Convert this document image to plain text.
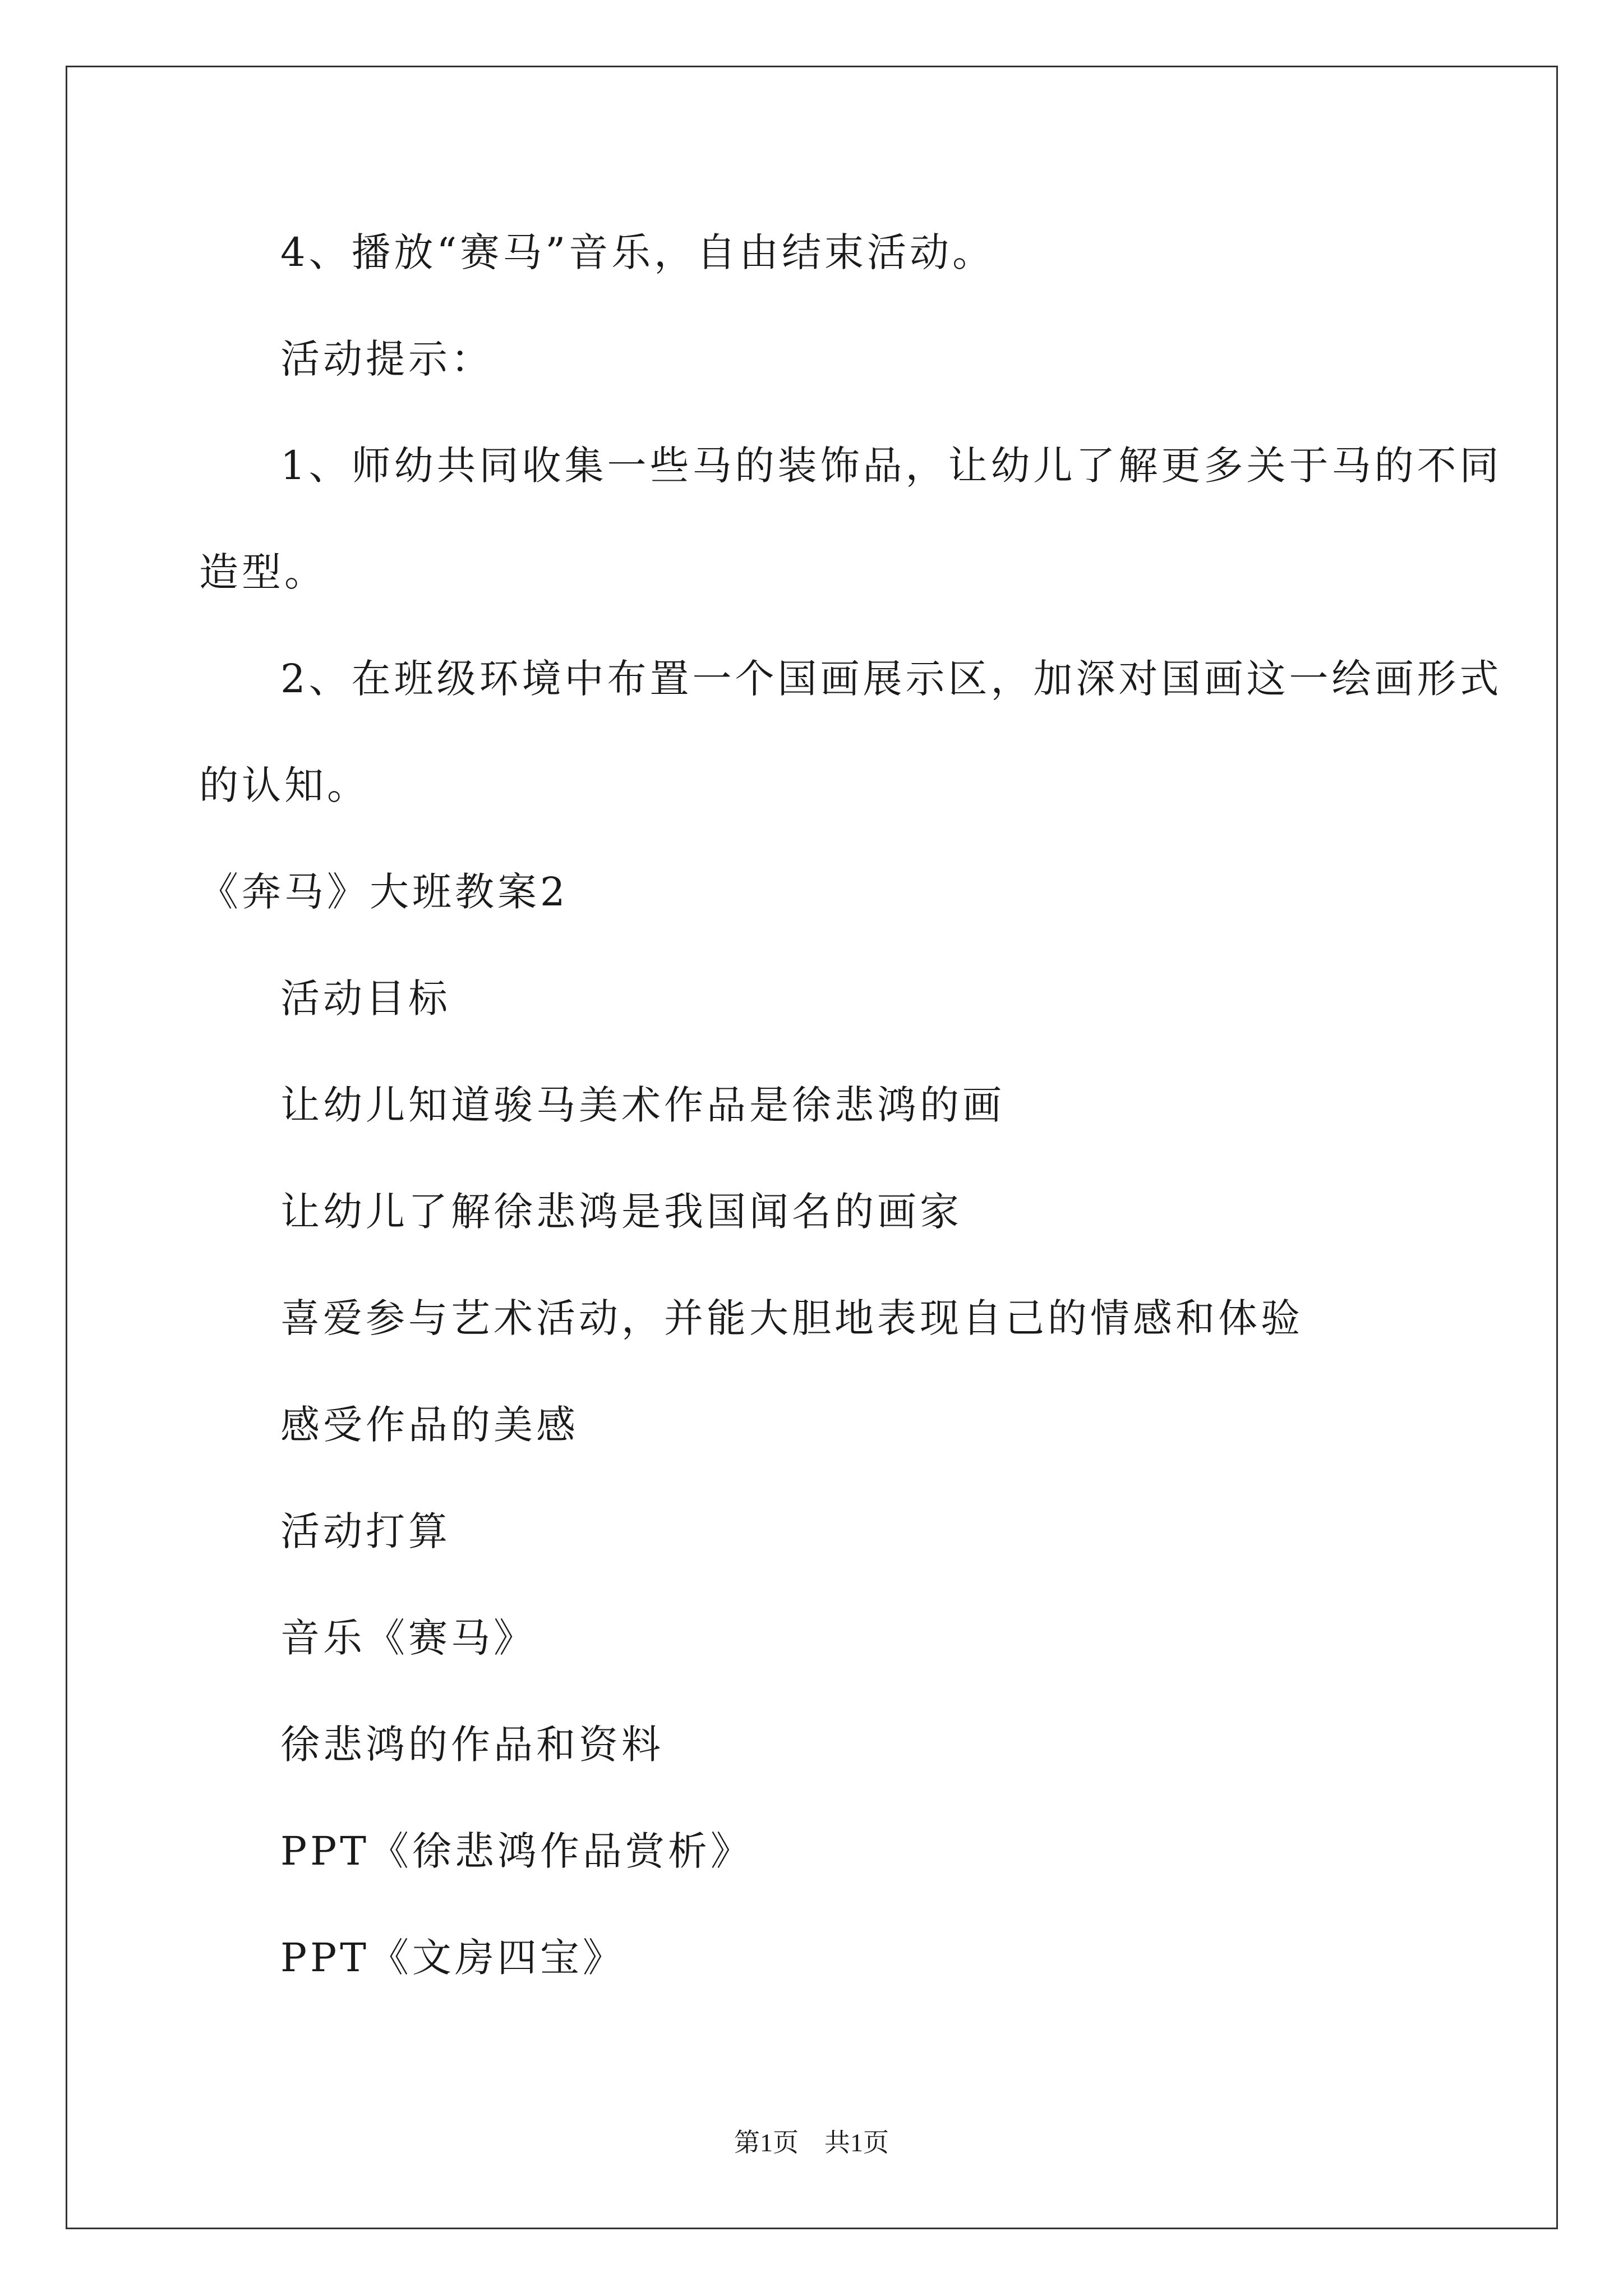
4、播放“赛马”音乐，自由结束活动。
活动提示：
1、师幼共同收集一些马的装饰品，让幼儿了解更多关于马的不同
造型。
2、在班级环境中布置一个国画展示区，加深对国画这一绘画形式
的认知。
《奔马》大班教案2
活动目标
让幼儿知道骏马美术作品是徐悲鸿的画
让幼儿了解徐悲鸿是我国闻名的画家
喜爱参与艺术活动，并能大胆地表现自己的情感和体验
感受作品的美感
活动打算
音乐《赛马》
徐悲鸿的作品和资料
PPT《徐悲鸿作品赏析》
PPT《文房四宝》
第1页　共1页
